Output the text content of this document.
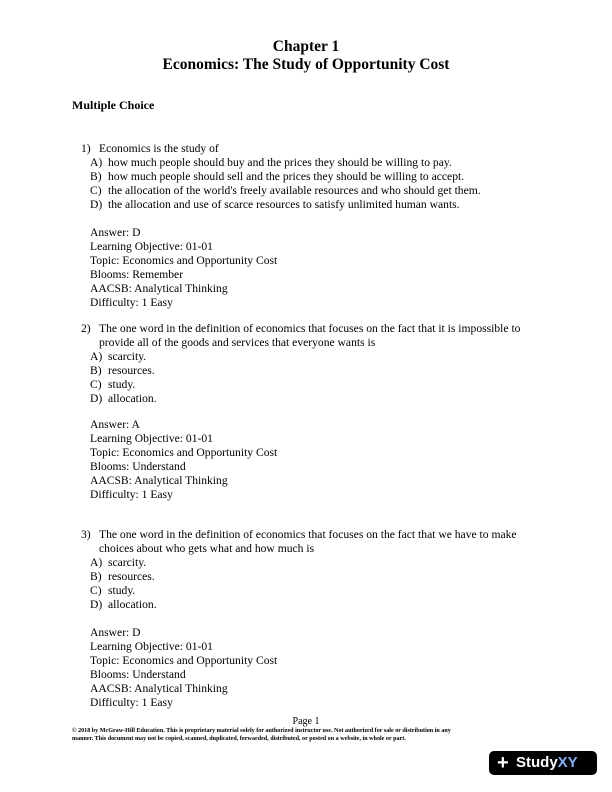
Chapter 1
Economics: The Study of Opportunity Cost
Multiple Choice
1) Economics is the study of
A) how much people should buy and the prices they should be willing to pay.
B) how much people should sell and the prices they should be willing to accept.
C) the allocation of the world's freely available resources and who should get them.
D) the allocation and use of scarce resources to satisfy unlimited human wants.
Answer: D
Learning Objective: 01-01
Topic: Economics and Opportunity Cost
Blooms: Remember
AACSB: Analytical Thinking
Difficulty: 1 Easy
2) The one word in the definition of economics that focuses on the fact that it is impossible to
provide all of the goods and services that everyone wants is
A) scarcity.
B) resources.
C) study.
D) allocation.
Answer: A
Learning Objective: 01-01
Topic: Economics and Opportunity Cost
Blooms: Understand
AACSB: Analytical Thinking
Difficulty: 1 Easy
3) The one word in the definition of economics that focuses on the fact that we have to make
choices about who gets what and how much is
A) scarcity.
B) resources.
C) study.
D) allocation.
Answer: D
Learning Objective: 01-01
Topic: Economics and Opportunity Cost
Blooms: Understand
AACSB: Analytical Thinking
Difficulty: 1 Easy
Page 1
© 2018 by McGraw-Hill Education. This is proprietary material solely for authorized instructor use. Not authorized for sale or distribution in any
manner. This document may not be copied, scanned, duplicated, forwarded, distributed, or posted on a website, in whole or part.
+ StudyXY
